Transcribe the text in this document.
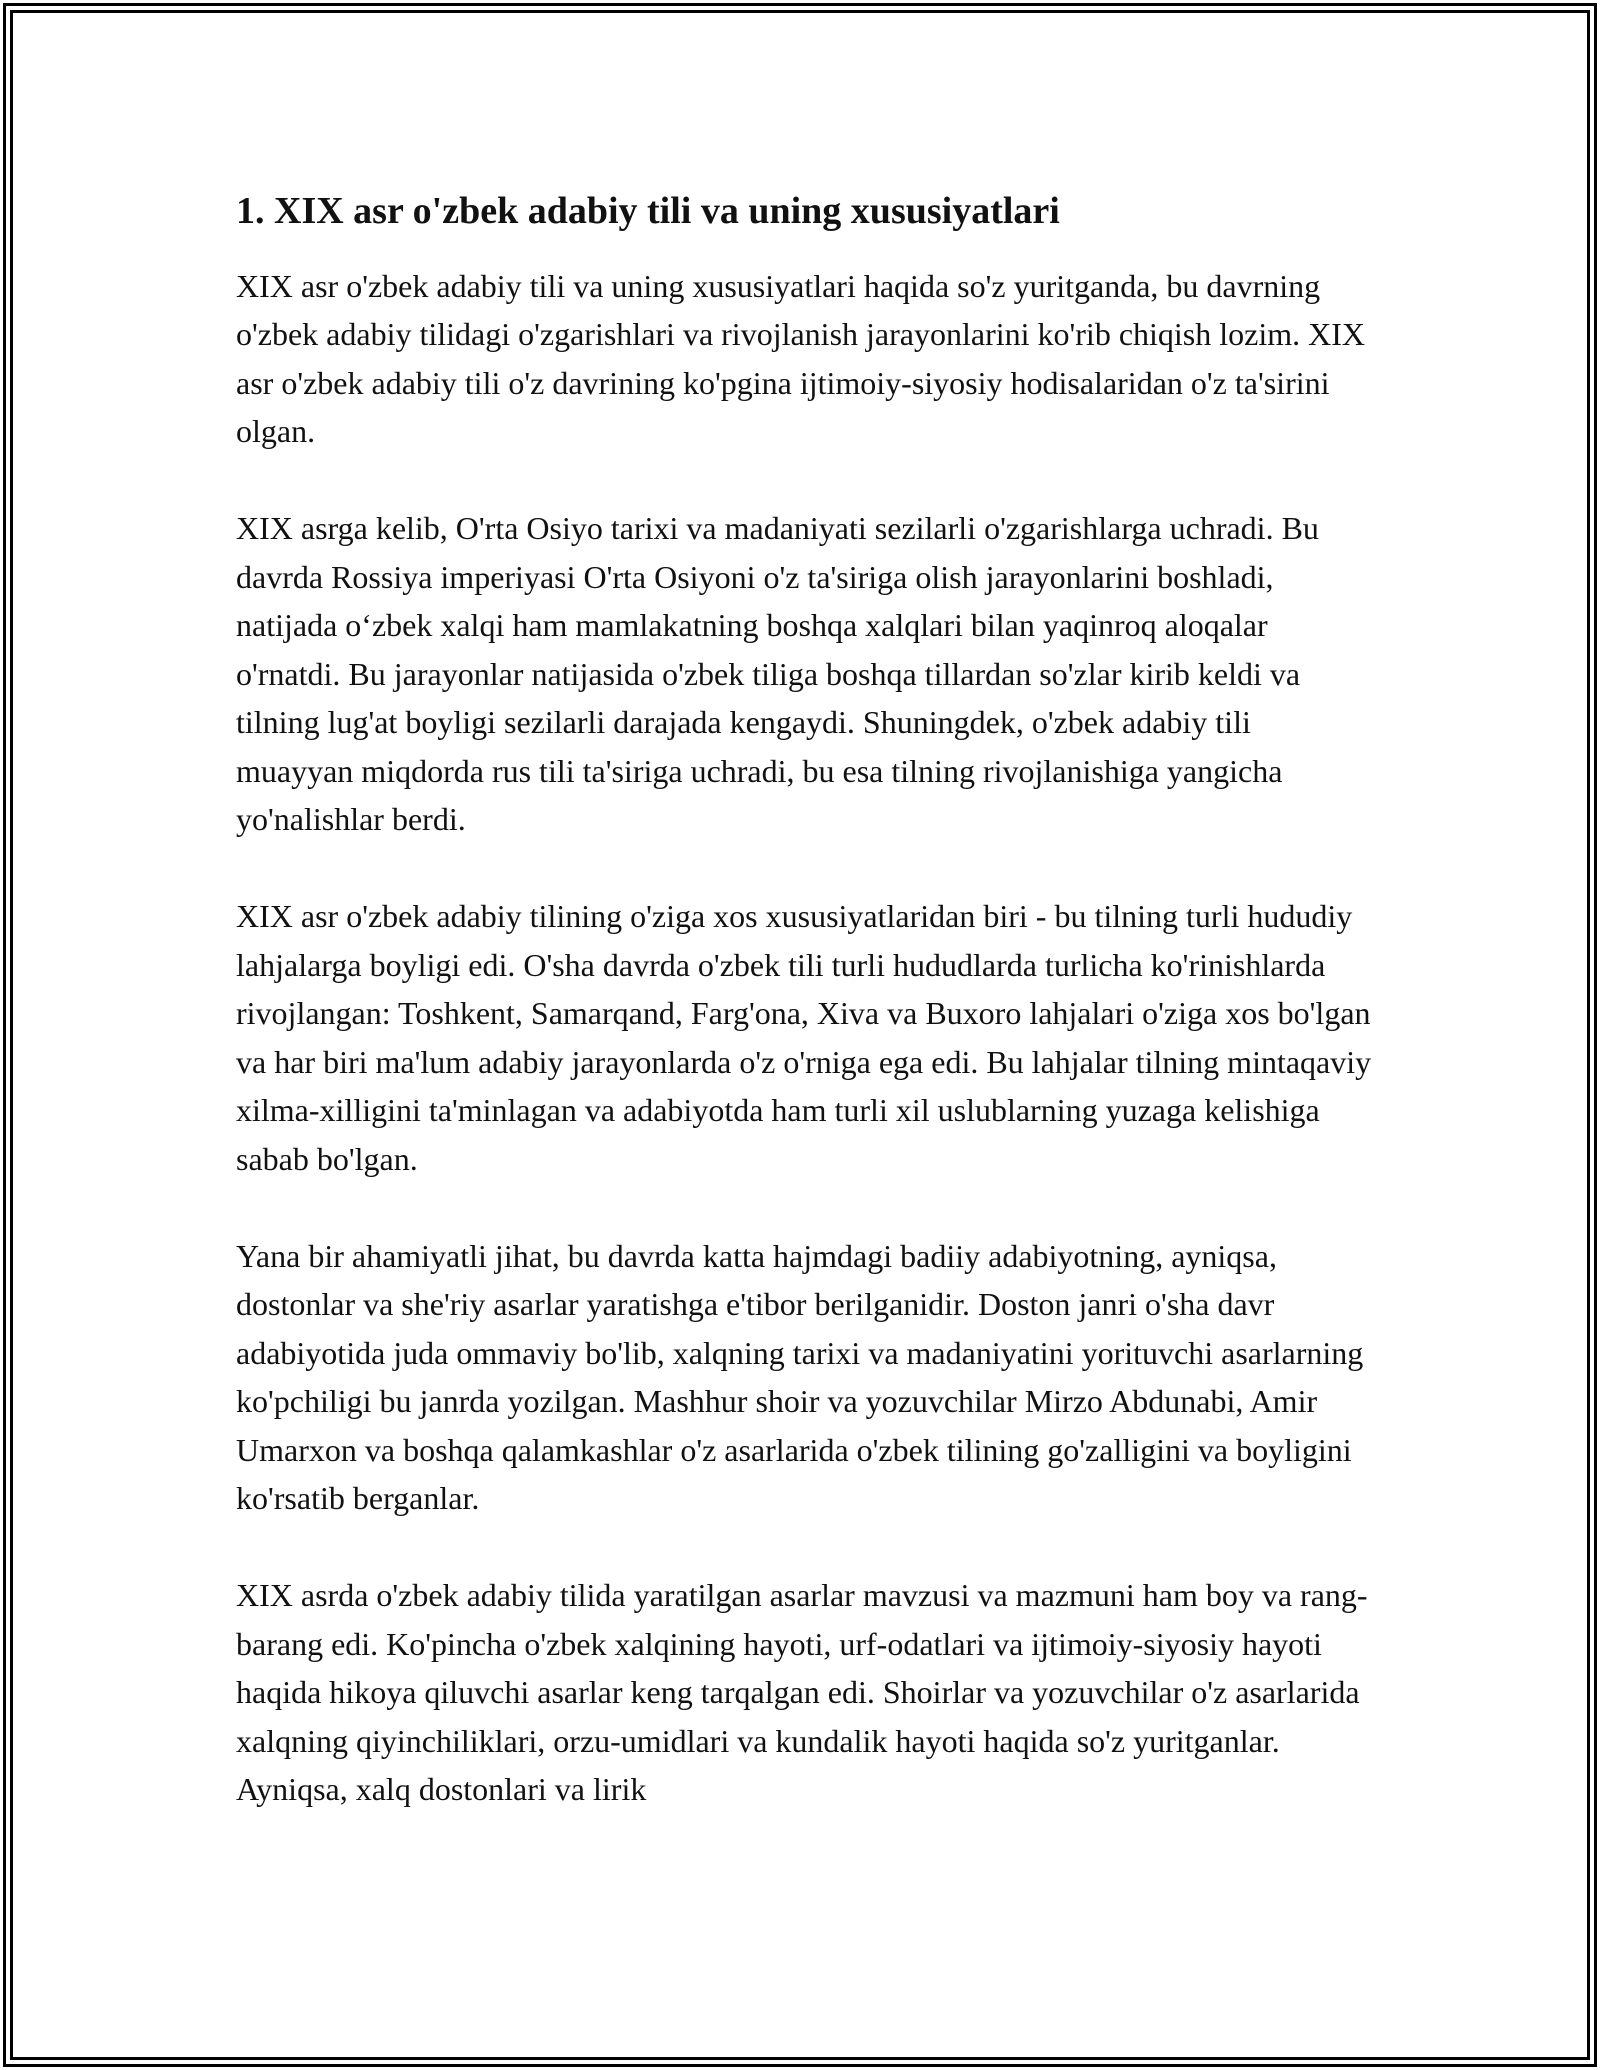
1. XIX asr o'zbek adabiy tili va uning xususiyatlari

XIX asr o'zbek adabiy tili va uning xususiyatlari haqida so'z yuritganda, bu davrning o'zbek adabiy tilidagi o'zgarishlari va rivojlanish jarayonlarini ko'rib chiqish lozim. XIX asr o'zbek adabiy tili o'z davrining ko'pgina ijtimoiy-siyosiy hodisalaridan o'z ta'sirini olgan.

XIX asrga kelib, O'rta Osiyo tarixi va madaniyati sezilarli o'zgarishlarga uchradi. Bu davrda Rossiya imperiyasi O'rta Osiyoni o'z ta'siriga olish jarayonlarini boshladi, natijada o‘zbek xalqi ham mamlakatning boshqa xalqlari bilan yaqinroq aloqalar o'rnatdi. Bu jarayonlar natijasida o'zbek tiliga boshqa tillardan so'zlar kirib keldi va tilning lug'at boyligi sezilarli darajada kengaydi. Shuningdek, o'zbek adabiy tili muayyan miqdorda rus tili ta'siriga uchradi, bu esa tilning rivojlanishiga yangicha yo'nalishlar berdi.

XIX asr o'zbek adabiy tilining o'ziga xos xususiyatlaridan biri - bu tilning turli hududiy lahjalarga boyligi edi. O'sha davrda o'zbek tili turli hududlarda turlicha ko'rinishlarda rivojlangan: Toshkent, Samarqand, Farg'ona, Xiva va Buxoro lahjalari o'ziga xos bo'lgan va har biri ma'lum adabiy jarayonlarda o'z o'rniga ega edi. Bu lahjalar tilning mintaqaviy xilma-xilligini ta'minlagan va adabiyotda ham turli xil uslublarning yuzaga kelishiga sabab bo'lgan.

Yana bir ahamiyatli jihat, bu davrda katta hajmdagi badiiy adabiyotning, ayniqsa, dostonlar va she'riy asarlar yaratishga e'tibor berilganidir. Doston janri o'sha davr adabiyotida juda ommaviy bo'lib, xalqning tarixi va madaniyatini yorituvchi asarlarning ko'pchiligi bu janrda yozilgan. Mashhur shoir va yozuvchilar Mirzo Abdunabi, Amir Umarxon va boshqa qalamkashlar o'z asarlarida o'zbek tilining go'zalligini va boyligini ko'rsatib berganlar.

XIX asrda o'zbek adabiy tilida yaratilgan asarlar mavzusi va mazmuni ham boy va rang-barang edi. Ko'pincha o'zbek xalqining hayoti, urf-odatlari va ijtimoiy-siyosiy hayoti haqida hikoya qiluvchi asarlar keng tarqalgan edi. Shoirlar va yozuvchilar o'z asarlarida xalqning qiyinchiliklari, orzu-umidlari va kundalik hayoti haqida so'z yuritganlar. Ayniqsa, xalq dostonlari va lirik
